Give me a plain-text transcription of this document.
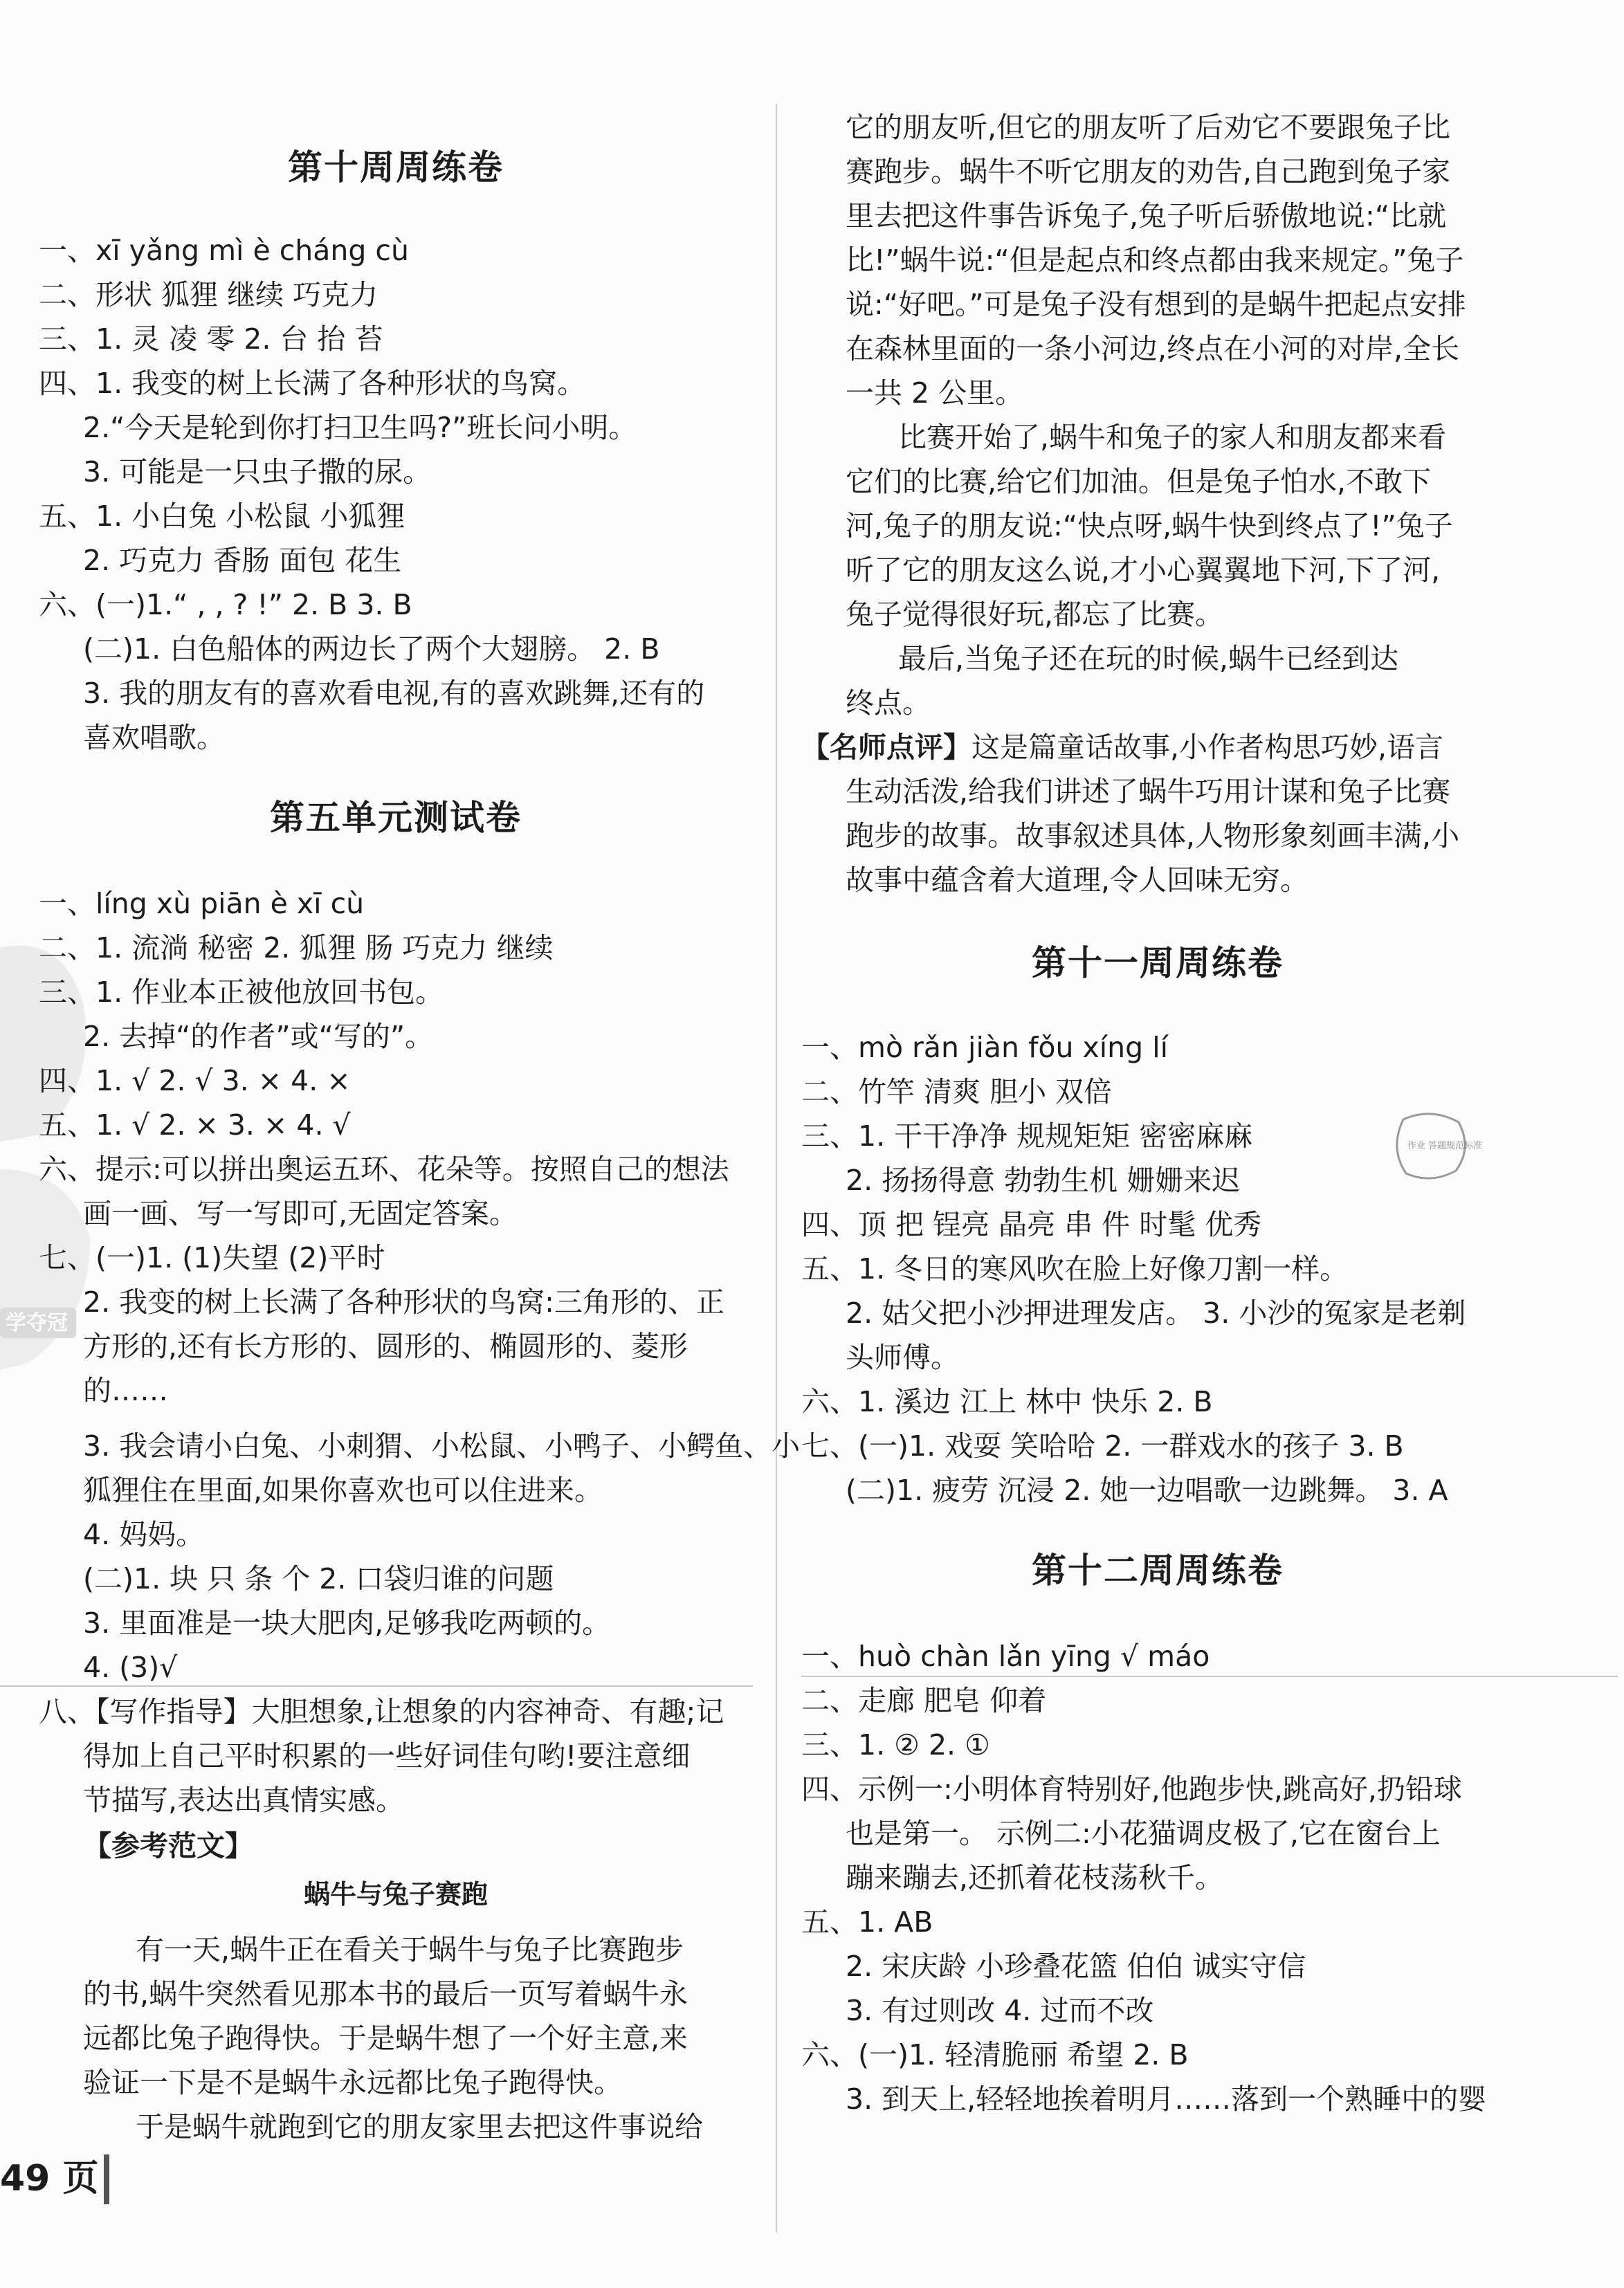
学夺冠
第十周周练卷
一、xī yǎng mì è cháng cù
二、形状 狐狸 继续 巧克力
三、1. 灵 凌 零 2. 台 抬 苔
四、1. 我变的树上长满了各种形状的鸟窝。
2.“今天是轮到你打扫卫生吗?”班长问小明。
3. 可能是一只虫子撒的尿。
五、1. 小白兔 小松鼠 小狐狸
2. 巧克力 香肠 面包 花生
六、(一)1.“ , , ? !” 2. B 3. B
(二)1. 白色船体的两边长了两个大翅膀。 2. B
3. 我的朋友有的喜欢看电视,有的喜欢跳舞,还有的
喜欢唱歌。
第五单元测试卷
一、líng xù piān è xī cù
二、1. 流淌 秘密 2. 狐狸 肠 巧克力 继续
三、1. 作业本正被他放回书包。
2. 去掉“的作者”或“写的”。
四、1. √ 2. √ 3. × 4. ×
五、1. √ 2. × 3. × 4. √
六、提示:可以拼出奥运五环、花朵等。按照自己的想法
画一画、写一写即可,无固定答案。
七、(一)1. (1)失望 (2)平时
2. 我变的树上长满了各种形状的鸟窝:三角形的、正
方形的,还有长方形的、圆形的、椭圆形的、菱形
的……
3. 我会请小白兔、小刺猬、小松鼠、小鸭子、小鳄鱼、小
狐狸住在里面,如果你喜欢也可以住进来。
4. 妈妈。
(二)1. 块 只 条 个 2. 口袋归谁的问题
3. 里面准是一块大肥肉,足够我吃两顿的。
4. (3)√
八、【写作指导】大胆想象,让想象的内容神奇、有趣;记
得加上自己平时积累的一些好词佳句哟!要注意细
节描写,表达出真情实感。
【参考范文】
蜗牛与兔子赛跑
有一天,蜗牛正在看关于蜗牛与兔子比赛跑步
的书,蜗牛突然看见那本书的最后一页写着蜗牛永
远都比兔子跑得快。于是蜗牛想了一个好主意,来
验证一下是不是蜗牛永远都比兔子跑得快。
于是蜗牛就跑到它的朋友家里去把这件事说给
49 页
它的朋友听,但它的朋友听了后劝它不要跟兔子比
赛跑步。蜗牛不听它朋友的劝告,自己跑到兔子家
里去把这件事告诉兔子,兔子听后骄傲地说:“比就
比!”蜗牛说:“但是起点和终点都由我来规定。”兔子
说:“好吧。”可是兔子没有想到的是蜗牛把起点安排
在森林里面的一条小河边,终点在小河的对岸,全长
一共 2 公里。
比赛开始了,蜗牛和兔子的家人和朋友都来看
它们的比赛,给它们加油。但是兔子怕水,不敢下
河,兔子的朋友说:“快点呀,蜗牛快到终点了!”兔子
听了它的朋友这么说,才小心翼翼地下河,下了河,
兔子觉得很好玩,都忘了比赛。
最后,当兔子还在玩的时候,蜗牛已经到达
终点。
【名师点评】这是篇童话故事,小作者构思巧妙,语言
生动活泼,给我们讲述了蜗牛巧用计谋和兔子比赛
跑步的故事。故事叙述具体,人物形象刻画丰满,小
故事中蕴含着大道理,令人回味无穷。
第十一周周练卷
一、mò rǎn jiàn fǒu xíng lí
二、竹竿 清爽 胆小 双倍
三、1. 干干净净 规规矩矩 密密麻麻
2. 扬扬得意 勃勃生机 姗姗来迟
四、顶 把 锃亮 晶亮 串 件 时髦 优秀
五、1. 冬日的寒风吹在脸上好像刀割一样。
2. 姑父把小沙押进理发店。 3. 小沙的冤家是老剃
头师傅。
六、1. 溪边 江上 林中 快乐 2. B
七、(一)1. 戏耍 笑哈哈 2. 一群戏水的孩子 3. B
(二)1. 疲劳 沉浸 2. 她一边唱歌一边跳舞。 3. A
第十二周周练卷
一、huò chàn lǎn yīng √ máo
二、走廊 肥皂 仰着
三、1. ② 2. ①
四、示例一:小明体育特别好,他跑步快,跳高好,扔铅球
也是第一。 示例二:小花猫调皮极了,它在窗台上
蹦来蹦去,还抓着花枝荡秋千。
五、1. AB
2. 宋庆龄 小珍叠花篮 伯伯 诚实守信
3. 有过则改 4. 过而不改
六、(一)1. 轻清脆丽 希望 2. B
3. 到天上,轻轻地挨着明月……落到一个熟睡中的婴
作业 答题规范标准
